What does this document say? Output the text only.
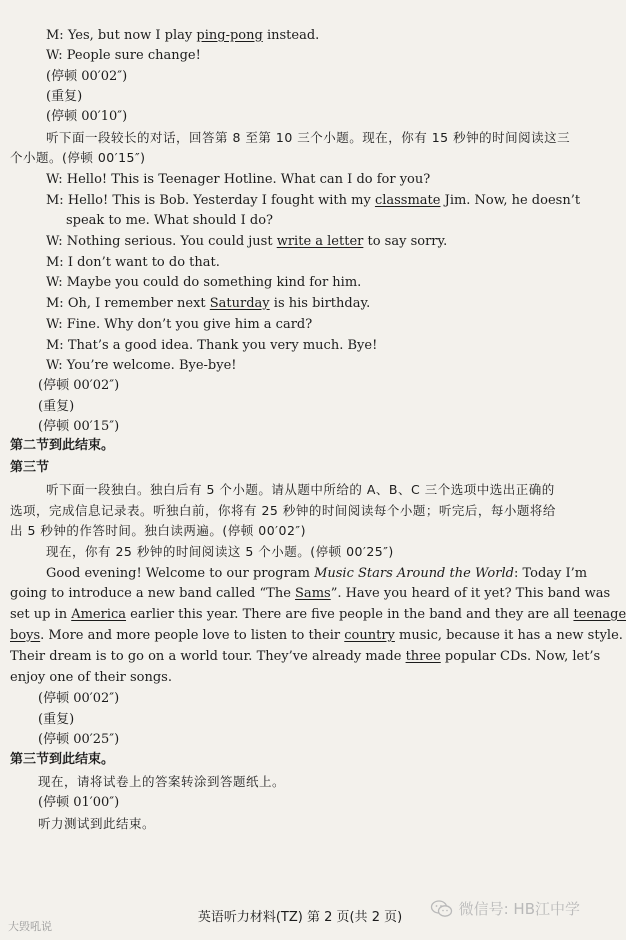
M: Yes, but now I play ping-pong instead.
W: People sure change!
(停顿 00′02″)
(重复)
(停顿 00′10″)
听下面一段较长的对话，回答第 8 至第 10 三个小题。现在，你有 15 秒钟的时间阅读这三
个小题。(停顿 00′15″)
W: Hello! This is Teenager Hotline. What can I do for you?
M: Hello! This is Bob. Yesterday I fought with my classmate Jim. Now, he doesn’t
speak to me. What should I do?
W: Nothing serious. You could just write a letter to say sorry.
M: I don’t want to do that.
W: Maybe you could do something kind for him.
M: Oh, I remember next Saturday is his birthday.
W: Fine. Why don’t you give him a card?
M: That’s a good idea. Thank you very much. Bye!
W: You’re welcome. Bye-bye!
(停顿 00′02″)
(重复)
(停顿 00′15″)
第二节到此结束。
第三节
听下面一段独白。独白后有 5 个小题。请从题中所给的 A、B、C 三个选项中选出正确的
选项，完成信息记录表。听独白前，你将有 25 秒钟的时间阅读每个小题；听完后，每小题将给
出 5 秒钟的作答时间。独白读两遍。(停顿 00′02″)
现在，你有 25 秒钟的时间阅读这 5 个小题。(停顿 00′25″)
Good evening! Welcome to our program Music Stars Around the World: Today I’m
going to introduce a new band called “The Sams”. Have you heard of it yet? This band was
set up in America earlier this year. There are five people in the band and they are all teenage
boys. More and more people love to listen to their country music, because it has a new style.
Their dream is to go on a world tour. They’ve already made three popular CDs. Now, let’s
enjoy one of their songs.
(停顿 00′02″)
(重复)
(停顿 00′25″)
第三节到此结束。
现在，请将试卷上的答案转涂到答题纸上。
(停顿 01′00″)
听力测试到此结束。
英语听力材料(TZ) 第 2 页(共 2 页)
大毁吼说
微信号: HB江中学
